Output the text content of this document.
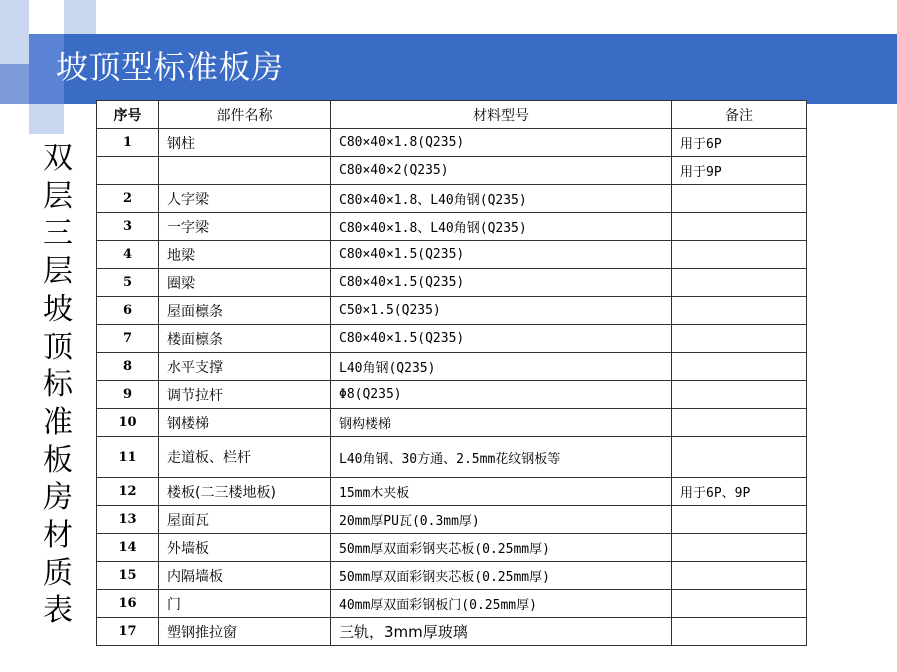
坡顶型标准板房
双层三层坡顶标准板房材质表
序号	部件名称	材料型号	备注
1	钢柱	C80×40×1.8(Q235)	用于6P
		C80×40×2(Q235)	用于9P
2	人字梁	C80×40×1.8、L40角钢(Q235)	
3	一字梁	C80×40×1.8、L40角钢(Q235)	
4	地梁	C80×40×1.5(Q235)	
5	圈梁	C80×40×1.5(Q235)	
6	屋面檩条	C50×1.5(Q235)	
7	楼面檩条	C80×40×1.5(Q235)	
8	水平支撑	L40角钢(Q235)	
9	调节拉杆	Φ8(Q235)	
10	钢楼梯	钢构楼梯	
11	走道板、栏杆	L40角钢、30方通、2.5mm花纹钢板等	
12	楼板(二三楼地板)	15mm木夹板	用于6P、9P
13	屋面瓦	20mm厚PU瓦(0.3mm厚)	
14	外墙板	50mm厚双面彩钢夹芯板(0.25mm厚)	
15	内隔墙板	50mm厚双面彩钢夹芯板(0.25mm厚)	
16	门	40mm厚双面彩钢板门(0.25mm厚)	
17	塑钢推拉窗	三轨，3mm厚玻璃	
